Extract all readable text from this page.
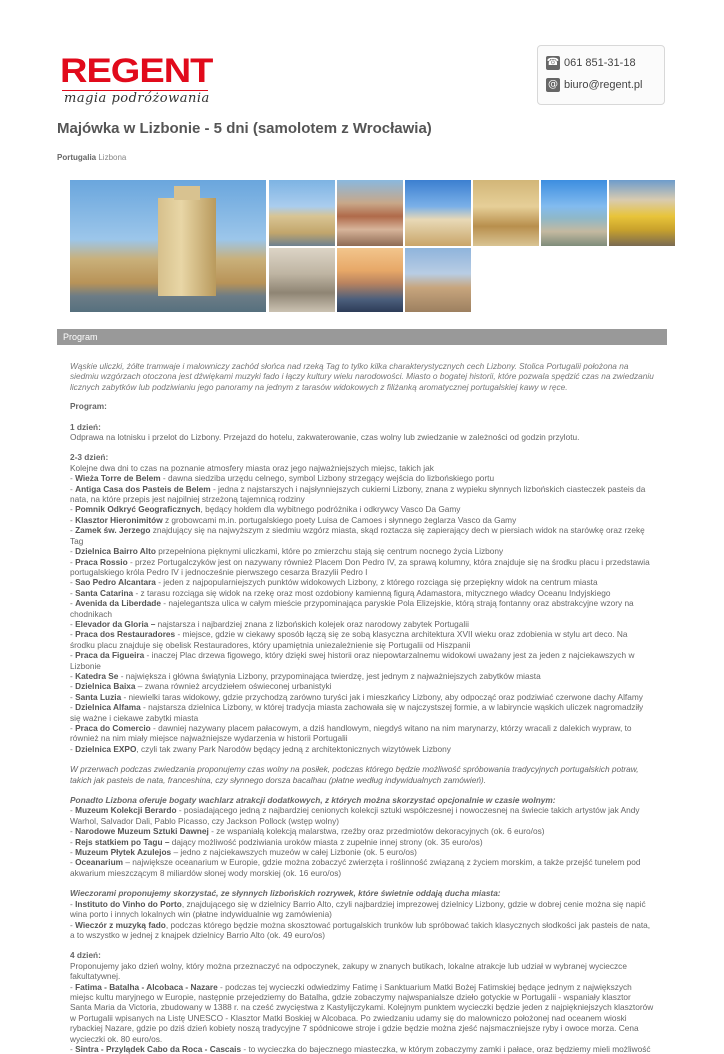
REGENT
magia podróżowania
☎ 061 851-31-18
@ biuro@regent.pl
Majówka w Lizbonie - 5 dni (samolotem z Wrocławia)
Portugalia Lizbona
Program

Wąskie uliczki, żółte tramwaje i malowniczy zachód słońca nad rzeką Tag to tylko kilka charakterystycznych cech Lizbony. Stolica Portugalii położona na siedmiu wzgórzach otoczona jest dźwiękami muzyki fado i łączy kultury wielu narodowości. Miasto o bogatej historii, które pozwala spędzić czas na zwiedzaniu licznych zabytków lub podziwianiu jego panoramy na jednym z tarasów widokowych z filiżanką aromatycznej portugalskiej kawy w ręce.

Program:

1 dzień:

Odprawa na lotnisku i przelot do Lizbony. Przejazd do hotelu, zakwaterowanie, czas wolny lub zwiedzanie w zależności od godzin przylotu.

2-3 dzień:

Kolejne dwa dni to czas na poznanie atmosfery miasta oraz jego najważniejszych miejsc, takich jak

- Wieża Torre de Belem - dawna siedziba urzędu celnego, symbol Lizbony strzegący wejścia do lizbońskiego portu

- Antiga Casa dos Pasteis de Belem - jedna z najstarszych i najsłynniejszych cukierni Lizbony, znana z wypieku słynnych lizbońskich ciasteczek pasteis da nata, na które przepis jest najpilniej strzeżoną tajemnicą rodziny

- Pomnik Odkryć Geograficznych, będący hołdem dla wybitnego podróżnika i odkrywcy Vasco Da Gamy

- Klasztor Hieronimitów z grobowcami m.in. portugalskiego poety Luisa de Camoes i słynnego żeglarza Vasco da Gamy

- Zamek św. Jerzego znajdujący się na najwyższym z siedmiu wzgórz miasta, skąd roztacza się zapierający dech w piersiach widok na starówkę oraz rzekę Tag

- Dzielnica Bairro Alto przepełniona pięknymi uliczkami, które po zmierzchu stają się centrum nocnego życia Lizbony

- Praca Rossio - przez Portugalczyków jest on nazywany również Placem Don Pedro IV, za sprawą kolumny, która znajduje się na środku placu i przedstawia portugalskiego króla Pedro IV i jednocześnie pierwszego cesarza Brazylii Pedro I

- Sao Pedro Alcantara - jeden z najpopularniejszych punktów widokowych Lizbony, z którego rozciąga się przepiękny widok na centrum miasta

- Santa Catarina - z tarasu rozciąga się widok na rzekę oraz most ozdobiony kamienną figurą Adamastora, mitycznego władcy Oceanu Indyjskiego

- Avenida da Liberdade - najelegantsza ulica w całym mieście przypominająca paryskie Pola Elizejskie, którą strają fontanny oraz abstrakcyjne wzory na chodnikach

- Elevador da Gloria – najstarsza i najbardziej znana z lizbońskich kolejek oraz narodowy zabytek Portugalii

- Praca dos Restauradores - miejsce, gdzie w ciekawy sposób łączą się ze sobą klasyczna architektura XVII wieku oraz zdobienia w stylu art deco. Na środku placu znajduje się obelisk Restauradores, który upamiętnia uniezależnienie się Portugalii od Hiszpanii

- Praca da Figueira - inaczej Plac drzewa figowego, który dzięki swej historii oraz niepowtarzalnemu widokowi uważany jest za jeden z najciekawszych w Lizbonie

- Katedra Se - największa i główna świątynia Lizbony, przypominająca twierdzę, jest jednym z najważniejszych zabytków miasta

- Dzielnica Baixa – zwana również arcydziełem oświeconej urbanistyki

- Santa Luzia - niewielki taras widokowy, gdzie przychodzą zarówno turyści jak i mieszkańcy Lizbony, aby odpocząć oraz podziwiać czerwone dachy Alfamy

- Dzielnica Alfama - najstarsza dzielnica Lizbony, w której tradycja miasta zachowała się w najczystszej formie, a w labiryncie wąskich uliczek nagromadziły się ważne i ciekawe zabytki miasta

- Praca do Comercio - dawniej nazywany placem pałacowym, a dziś handlowym, niegdyś witano na nim marynarzy, którzy wracali z dalekich wypraw, to również na nim miały miejsce najważniejsze wydarzenia w historii Portugalii

- Dzielnica EXPO, czyli tak zwany Park Narodów będący jedną z architektonicznych wizytówek Lizbony

W przerwach podczas zwiedzania proponujemy czas wolny na posiłek, podczas którego będzie możliwość spróbowania tradycyjnych portugalskich potraw, takich jak pasteis de nata, franceshina, czy słynnego dorsza bacalhau (płatne według indywidualnych zamówień).

Ponadto Lizbona oferuje bogaty wachlarz atrakcji dodatkowych, z których można skorzystać opcjonalnie w czasie wolnym:

- Muzeum Kolekcji Berardo - posiadającego jedną z najbardziej cenionych kolekcji sztuki współczesnej i nowoczesnej na świecie takich artystów jak Andy Warhol, Salvador Dali, Pablo Picasso, czy Jackson Pollock (wstęp wolny)

- Narodowe Muzeum Sztuki Dawnej - ze wspaniałą kolekcją malarstwa, rzeźby oraz przedmiotów dekoracyjnych (ok. 6 euro/os)

- Rejs statkiem po Tagu – dający możliwość podziwiania uroków miasta z zupełnie innej strony (ok. 35 euro/os)

- Muzeum Płytek Azulejos – jedno z najciekawszych muzeów w całej Lizbonie (ok. 5 euro/os)

- Oceanarium – największe oceanarium w Europie, gdzie można zobaczyć zwierzęta i roślinność związaną z życiem morskim, a także przejść tunelem pod akwarium mieszczącym 8 miliardów słonej wody morskiej (ok. 16 euro/os)

Wieczorami proponujemy skorzystać, ze słynnych lizbońskich rozrywek, które świetnie oddają ducha miasta:

- Instituto do Vinho do Porto, znajdującego się w dzielnicy Barrio Alto, czyli najbardziej imprezowej dzielnicy Lizbony, gdzie w dobrej cenie można się napić wina porto i innych lokalnych win (płatne indywidualnie wg zamówienia)

- Wieczór z muzyką fado, podczas którego będzie można skosztować portugalskich trunków lub spróbować takich klasycznych słodkości jak pasteis de nata, a to wszystko w jednej z knajpek dzielnicy Barrio Alto (ok. 49 euro/os)

4 dzień:

Proponujemy jako dzień wolny, który można przeznaczyć na odpoczynek, zakupy w znanych butikach, lokalne atrakcje lub udział w wybranej wycieczce fakultatywnej.

- Fatima - Batalha - Alcobaca - Nazare - podczas tej wycieczki odwiedzimy Fatimę i Sanktuarium Matki Bożej Fatimskiej będące jednym z największych miejsc kultu maryjnego w Europie, następnie przejedziemy do Batalha, gdzie zobaczymy najwspanialsze dzieło gotyckie w Portugalii - wspaniały klasztor Santa Maria da Victoria, zbudowany w 1388 r. na cześć zwycięstwa z Kastylijczykami. Kolejnym punktem wycieczki będzie jeden z najpiękniejszych klasztorów w Portugalii wpisanych na Listę UNESCO - Klasztor Matki Boskiej w Alcobaca. Po zwiedzaniu udamy się do malowniczo położonej nad oceanem wioski rybackiej Nazare, gdzie po dziś dzień kobiety noszą tradycyjne 7 spódnicowe stroje i gdzie będzie można zjeść najsmaczniejsze ryby i owoce morza. Cena wycieczki ok. 80 euro/os.

- Sintra - Przylądek Cabo da Roca - Cascais - to wycieczka do bajecznego miasteczka, w którym zobaczymy zamki i pałace, oraz będziemy mieli możliwość
